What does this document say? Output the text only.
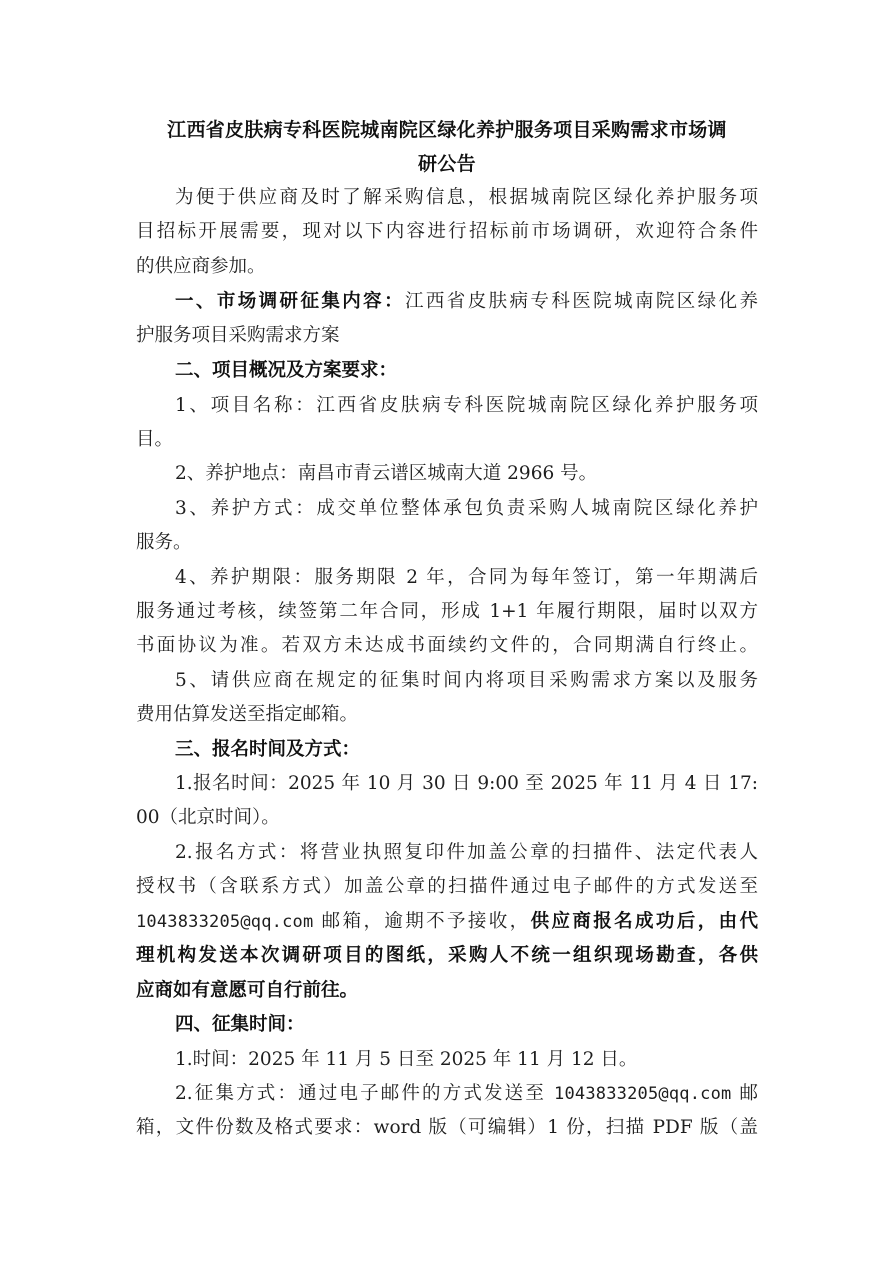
江西省皮肤病专科医院城南院区绿化养护服务项目采购需求市场调
研公告
为便于供应商及时了解采购信息，根据城南院区绿化养护服务项
目招标开展需要，现对以下内容进行招标前市场调研，欢迎符合条件
的供应商参加。
一、市场调研征集内容：江西省皮肤病专科医院城南院区绿化养
护服务项目采购需求方案
二、项目概况及方案要求：
1、项目名称：江西省皮肤病专科医院城南院区绿化养护服务项
目。
2、养护地点：南昌市青云谱区城南大道 2966 号。
3、养护方式：成交单位整体承包负责采购人城南院区绿化养护
服务。
4、养护期限：服务期限 2 年，合同为每年签订，第一年期满后
服务通过考核，续签第二年合同，形成 1+1 年履行期限，届时以双方
书面协议为准。若双方未达成书面续约文件的，合同期满自行终止。
5、请供应商在规定的征集时间内将项目采购需求方案以及服务
费用估算发送至指定邮箱。
三、报名时间及方式：
1.报名时间：2025 年 10 月 30 日 9:00 至 2025 年 11 月 4 日 17:
00（北京时间）。
2.报名方式：将营业执照复印件加盖公章的扫描件、法定代表人
授权书（含联系方式）加盖公章的扫描件通过电子邮件的方式发送至
1043833205@qq.com 邮箱，逾期不予接收，供应商报名成功后，由代
理机构发送本次调研项目的图纸，采购人不统一组织现场勘查，各供
应商如有意愿可自行前往。
四、征集时间：
1.时间：2025 年 11 月 5 日至 2025 年 11 月 12 日。
2.征集方式：通过电子邮件的方式发送至 1043833205@qq.com 邮
箱，文件份数及格式要求：word 版（可编辑）1 份，扫描 PDF 版（盖
